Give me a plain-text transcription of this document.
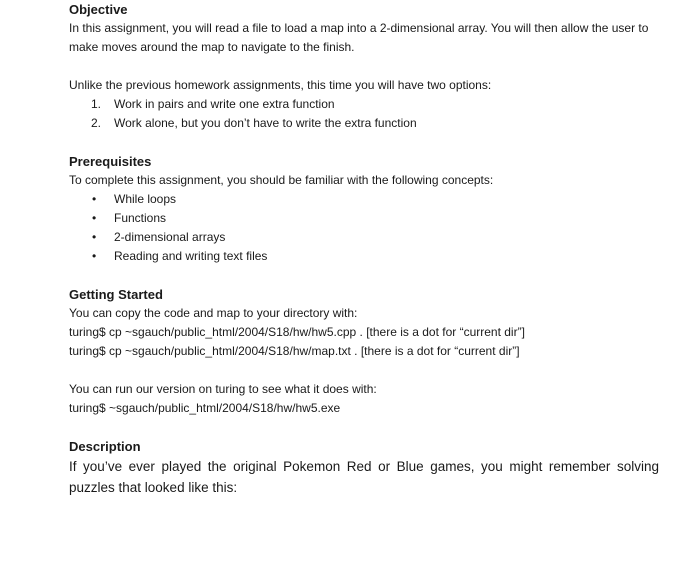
Objective

In this assignment, you will read a file to load a map into a 2-dimensional array. You will then allow the user to make moves around the map to navigate to the finish.

Unlike the previous homework assignments, this time you will have two options:

1. Work in pairs and write one extra function
2. Work alone, but you don’t have to write the extra function

Prerequisites

To complete this assignment, you should be familiar with the following concepts:

• While loops
• Functions
• 2-dimensional arrays
• Reading and writing text files

Getting Started

You can copy the code and map to your directory with:

turing$ cp ~sgauch/public_html/2004/S18/hw/hw5.cpp . [there is a dot for “current dir”]

turing$ cp ~sgauch/public_html/2004/S18/hw/map.txt . [there is a dot for “current dir”]

You can run our version on turing to see what it does with:

turing$ ~sgauch/public_html/2004/S18/hw/hw5.exe

Description

If you’ve ever played the original Pokemon Red or Blue games, you might remember solving puzzles that looked like this:
